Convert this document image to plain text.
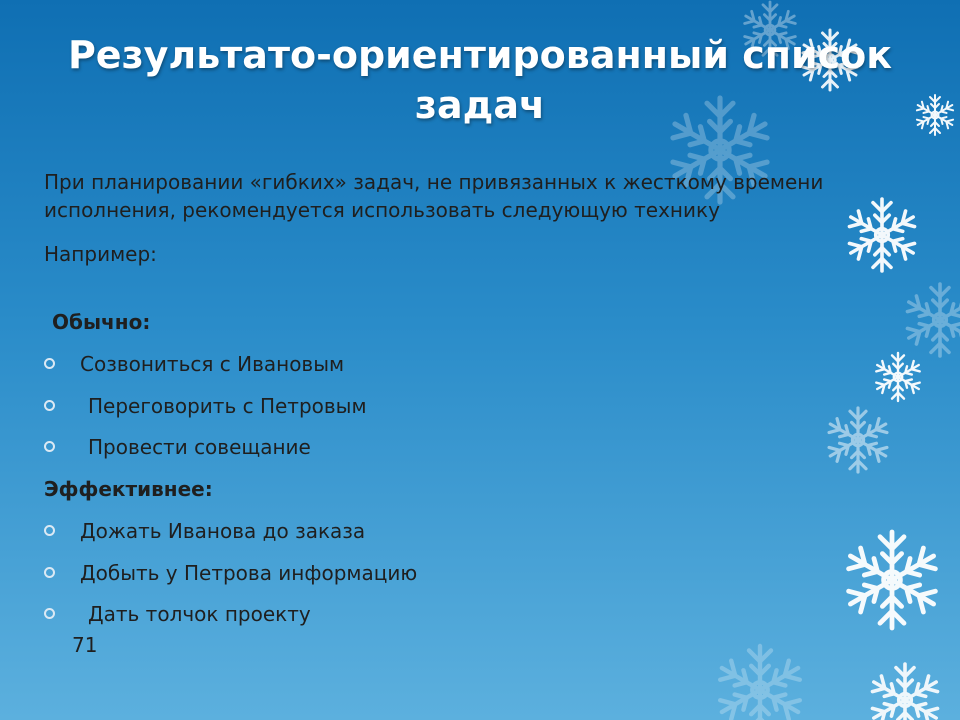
Результато-ориентированный список задач

При планировании «гибких» задач, не привязанных к жесткому времени исполнения, рекомендуется использовать следующую технику

Например:
Обычно:
Созвониться с Ивановым
Переговорить с Петровым
Провести совещание
Эффективнее:
Дожать Иванова до заказа
Добыть у Петрова информацию
Дать толчок проекту
71
